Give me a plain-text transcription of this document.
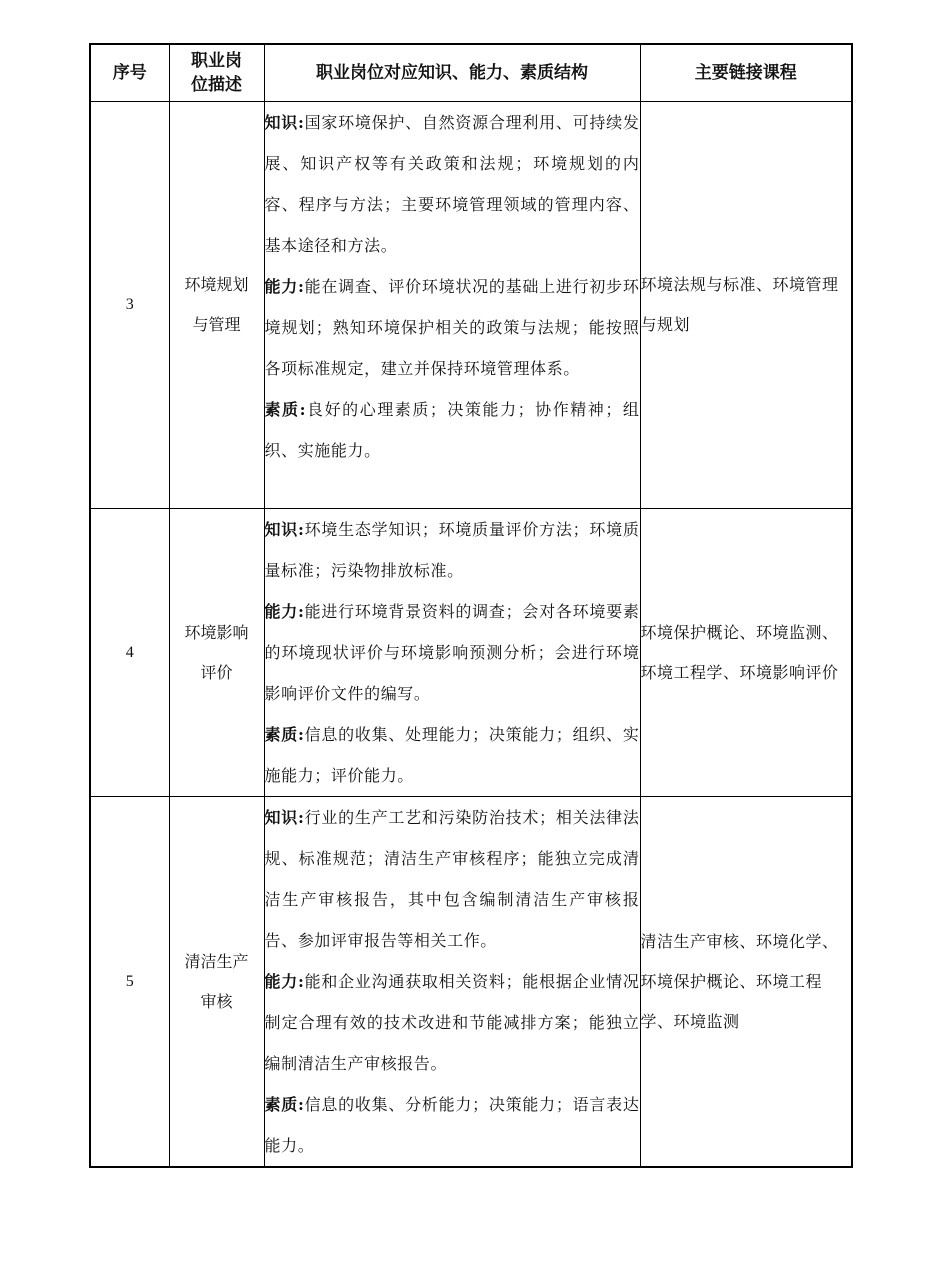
序号	职业岗位描述	职业岗位对应知识、能力、素质结构	主要链接课程
3	环境规划与管理	知识:国家环境保护、自然资源合理利用、可持续发展、知识产权等有关政策和法规；环境规划的内容、程序与方法；主要环境管理领域的管理内容、基本途径和方法。

能力:能在调查、评价环境状况的基础上进行初步环境规划；熟知环境保护相关的政策与法规；能按照各项标准规定，建立并保持环境管理体系。

素质:良好的心理素质；决策能力；协作精神；组织、实施能力。	环境法规与标准、环境管理与规划
4	环境影响评价	知识:环境生态学知识；环境质量评价方法；环境质量标准；污染物排放标准。

能力:能进行环境背景资料的调查；会对各环境要素的环境现状评价与环境影响预测分析；会进行环境影响评价文件的编写。

素质:信息的收集、处理能力；决策能力；组织、实施能力；评价能力。	环境保护概论、环境监测、环境工程学、环境影响评价
5	清洁生产审核	知识:行业的生产工艺和污染防治技术；相关法律法规、标准规范；清洁生产审核程序；能独立完成清洁生产审核报告，其中包含编制清洁生产审核报告、参加评审报告等相关工作。

能力:能和企业沟通获取相关资料；能根据企业情况制定合理有效的技术改进和节能减排方案；能独立编制清洁生产审核报告。

素质:信息的收集、分析能力；决策能力；语言表达能力。	清洁生产审核、环境化学、环境保护概论、环境工程学、环境监测
